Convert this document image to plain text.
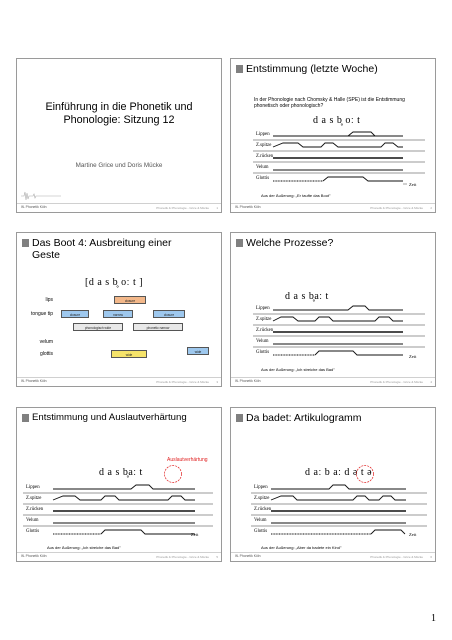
Einführung in die Phonetik und
Phonologie: Sitzung 12
Martine Grice und Doris Mücke
IfL Phonetik Köln	Phonetik & Phonologie - Grice & Mücke 1
Entstimmung (letzte Woche)
In der Phonologie nach Chomsky & Halle (SPE) ist die Entstimmung phonetisch oder phonologisch?
d a s b̥ oː t
Lippen
Z.spitze
Z.rücken
Velum
Glottis
Zeit
Aus der Äußerung: „Er taufte das Boot"
IfL Phonetik Köln	Phonetik & Phonologie - Grice & Mücke 2
Das Boot 4: Ausbreitung einer Geste
[d a s b̥ oː t ]
lips
tongue tip
velum
glottis
closure
closure	narrow	closure
phonologisch wide	phonetic narrow
wide
wide
IfL Phonetik Köln	Phonetik & Phonologie - Grice & Mücke 3
Welche Prozesse?
d a s b̥aː t
Lippen
Z.spitze
Z.rücken
Velum
Glottis
Zeit
Aus der Äußerung: „Ich streiche das Bad"
IfL Phonetik Köln	Phonetik & Phonologie - Grice & Mücke 4
Entstimmung und Auslautverhärtung
Auslautverhärtung
d a s b̥aː t
Lippen
Z.spitze
Z.rücken
Velum
Glottis
Zeit
Aus der Äußerung: „Ich streiche das Bad"
IfL Phonetik Köln	Phonetik & Phonologie - Grice & Mücke 5
Da badet: Artikulogramm
d aː b aː d ə t ə
Lippen
Z.spitze
Z.rücken
Velum
Glottis
Zeit
Aus der Äußerung: „Aber da badete ein Kind"
IfL Phonetik Köln	Phonetik & Phonologie - Grice & Mücke 6
1
